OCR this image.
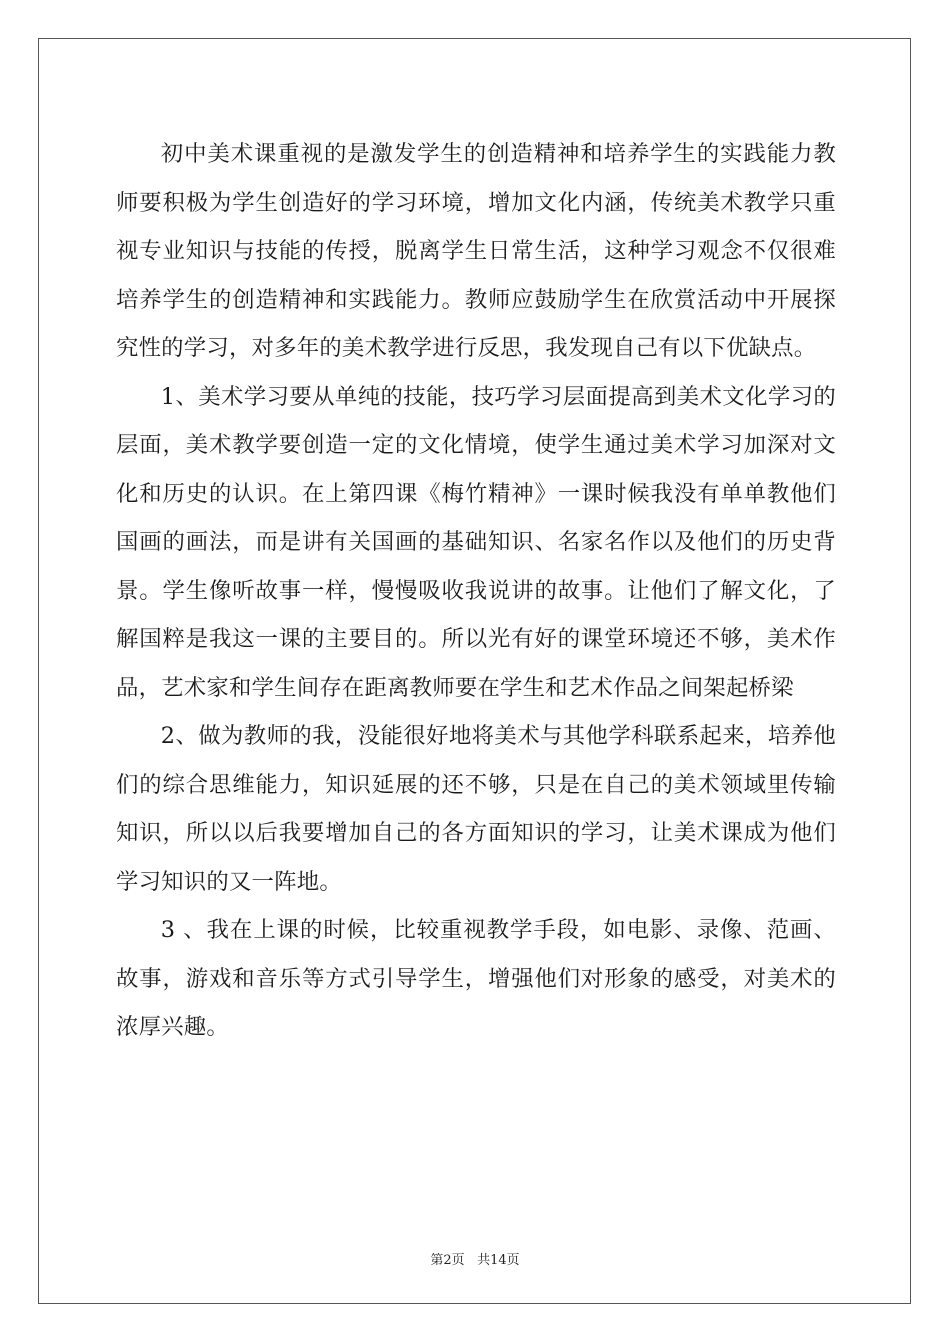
初中美术课重视的是激发学生的创造精神和培养学生的实践能力教师要积极为学生创造好的学习环境，增加文化内涵，传统美术教学只重视专业知识与技能的传授，脱离学生日常生活，这种学习观念不仅很难培养学生的创造精神和实践能力。教师应鼓励学生在欣赏活动中开展探究性的学习，对多年的美术教学进行反思，我发现自己有以下优缺点。

1、美术学习要从单纯的技能，技巧学习层面提高到美术文化学习的层面，美术教学要创造一定的文化情境，使学生通过美术学习加深对文化和历史的认识。在上第四课《梅竹精神》一课时候我没有单单教他们国画的画法，而是讲有关国画的基础知识、名家名作以及他们的历史背景。学生像听故事一样，慢慢吸收我说讲的故事。让他们了解文化，了解国粹是我这一课的主要目的。所以光有好的课堂环境还不够，美术作品，艺术家和学生间存在距离教师要在学生和艺术作品之间架起桥梁

2、做为教师的我，没能很好地将美术与其他学科联系起来，培养他们的综合思维能力，知识延展的还不够，只是在自己的美术领域里传输知识，所以以后我要增加自己的各方面知识的学习，让美术课成为他们学习知识的又一阵地。

3 、我在上课的时候，比较重视教学手段，如电影、录像、范画、故事，游戏和音乐等方式引导学生，增强他们对形象的感受，对美术的浓厚兴趣。

第2页 共14页
